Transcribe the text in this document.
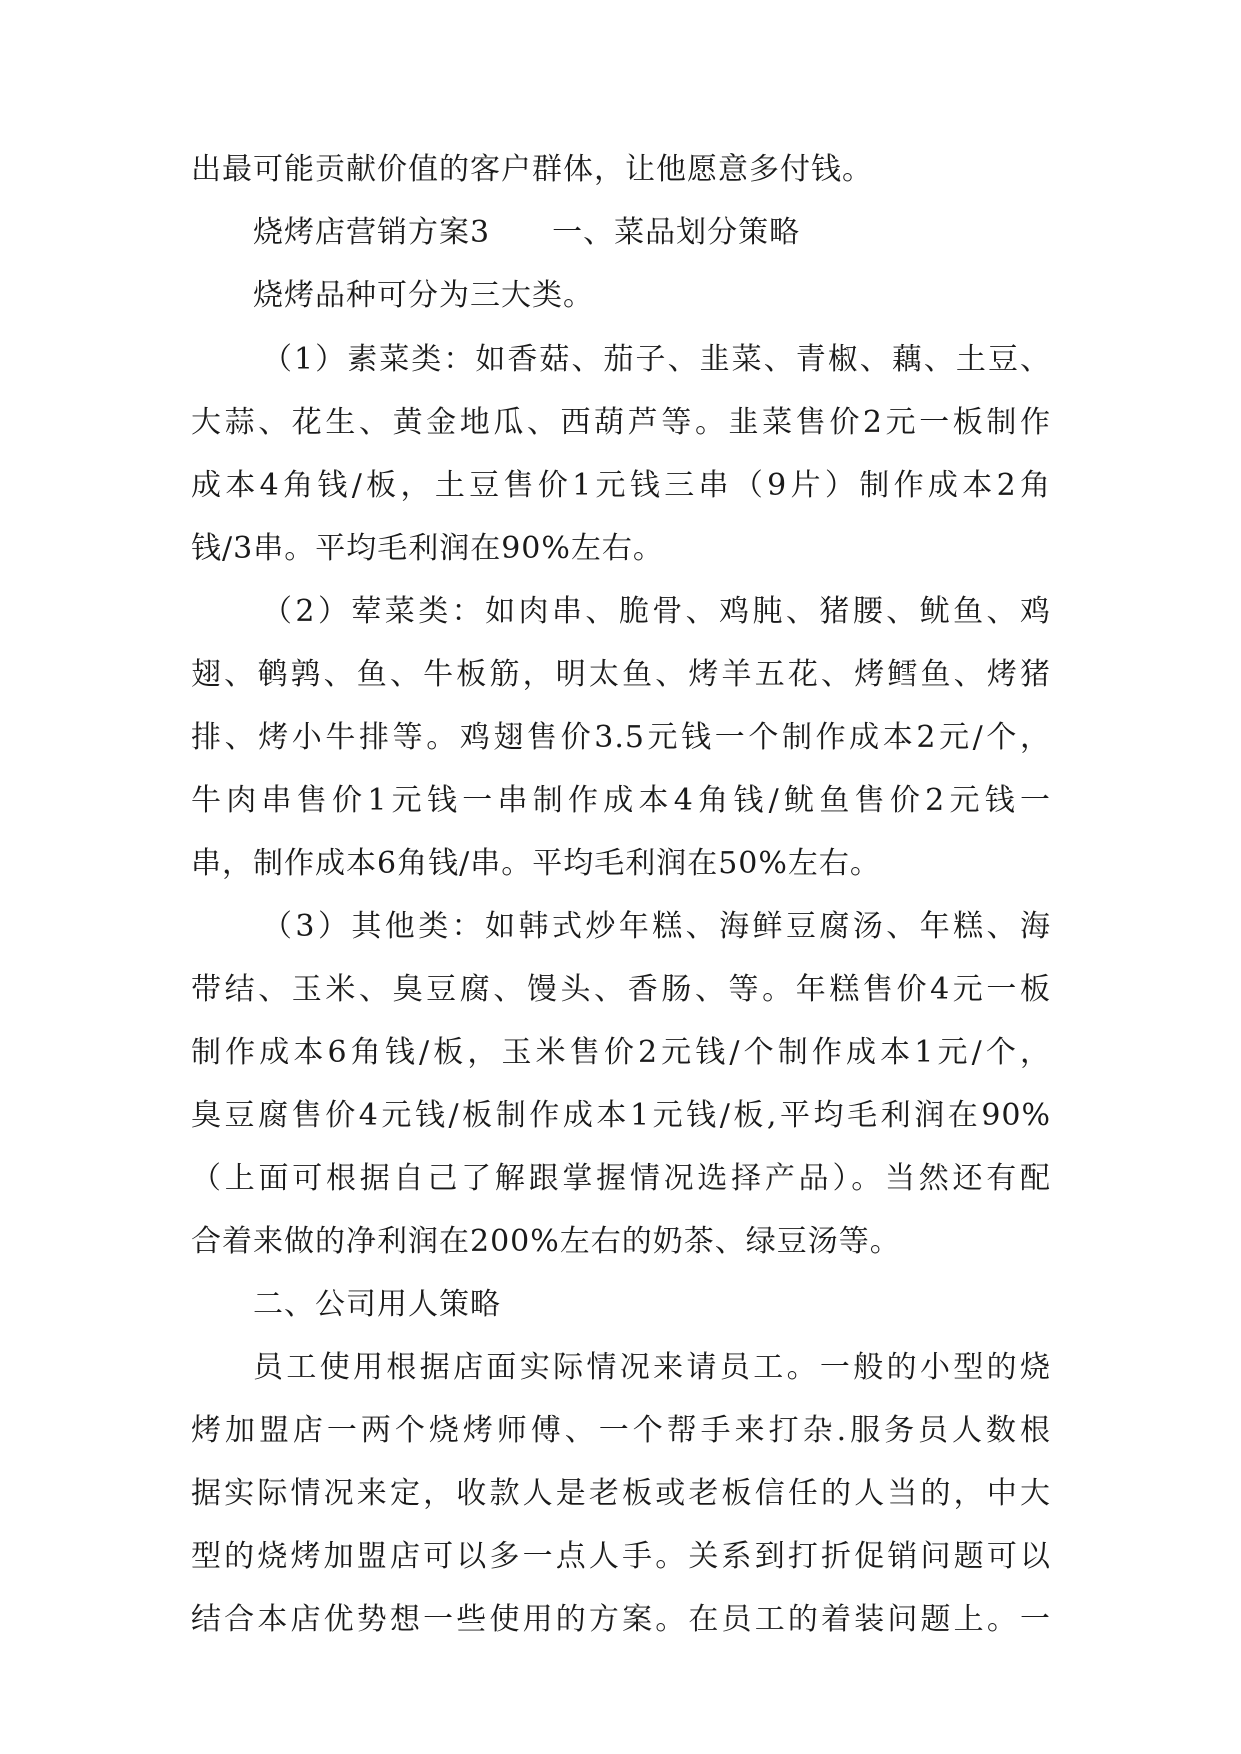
出最可能贡献价值的客户群体，让他愿意多付钱。
烧烤店营销方案3　　一、菜品划分策略
烧烤品种可分为三大类。
（1）素菜类：如香菇、茄子、韭菜、青椒、藕、土豆、
大蒜、花生、黄金地瓜、西葫芦等。韭菜售价2元一板制作
成本4角钱/板，土豆售价1元钱三串（9片）制作成本2角
钱/3串。平均毛利润在90%左右。
（2）荤菜类：如肉串、脆骨、鸡肫、猪腰、鱿鱼、鸡
翅、鹌鹑、鱼、牛板筋，明太鱼、烤羊五花、烤鳕鱼、烤猪
排、烤小牛排等。鸡翅售价3.5元钱一个制作成本2元/个，
牛肉串售价1元钱一串制作成本4角钱/鱿鱼售价2元钱一
串，制作成本6角钱/串。平均毛利润在50%左右。
（3）其他类：如韩式炒年糕、海鲜豆腐汤、年糕、海
带结、玉米、臭豆腐、馒头、香肠、等。年糕售价4元一板
制作成本6角钱/板，玉米售价2元钱/个制作成本1元/个，
臭豆腐售价4元钱/板制作成本1元钱/板,平均毛利润在90%
（上面可根据自己了解跟掌握情况选择产品）。当然还有配
合着来做的净利润在200%左右的奶茶、绿豆汤等。
二、公司用人策略
员工使用根据店面实际情况来请员工。一般的小型的烧
烤加盟店一两个烧烤师傅、一个帮手来打杂.服务员人数根
据实际情况来定，收款人是老板或老板信任的人当的，中大
型的烧烤加盟店可以多一点人手。关系到打折促销问题可以
结合本店优势想一些使用的方案。在员工的着装问题上。一
